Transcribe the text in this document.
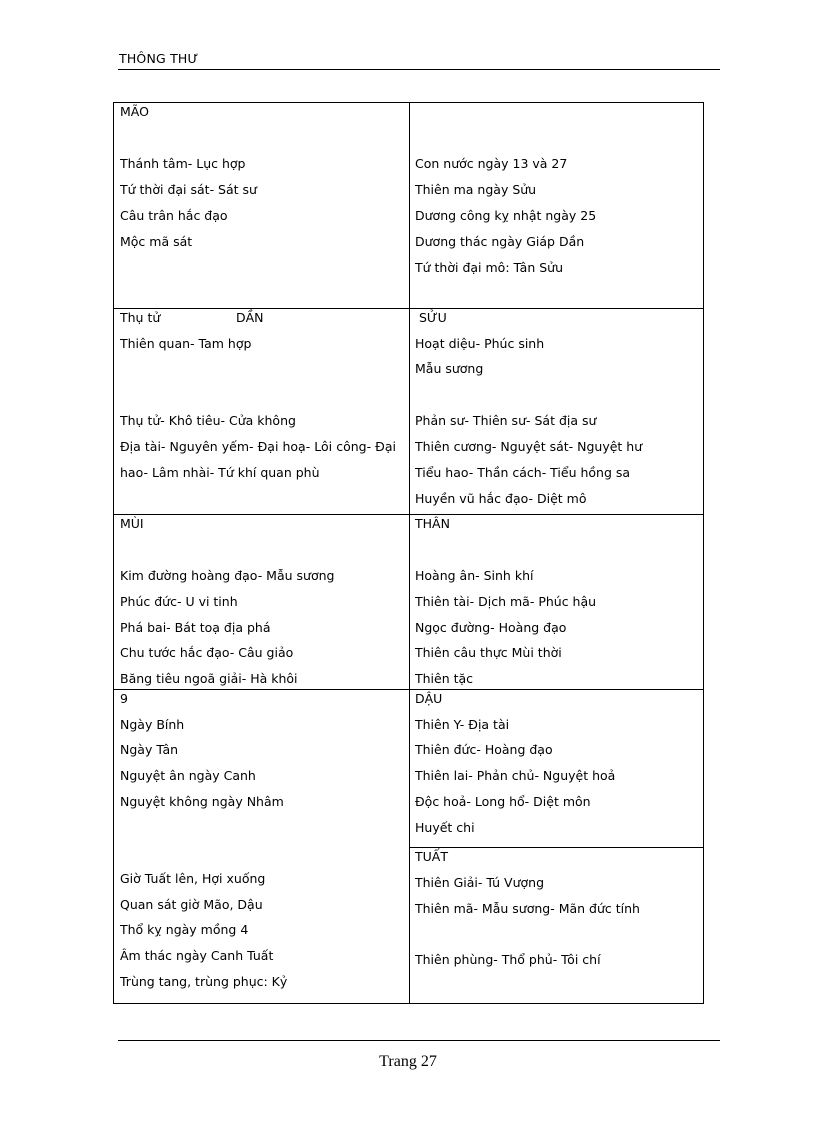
THÔNG THƯ
MÃO
Thánh tâm- Lục hợp
Tứ thời đại sát- Sát sư
Câu trân hắc đạo
Mộc mã sát
Con nước ngày 13 và 27
Thiên ma ngày Sửu
Dương công kỵ nhật ngày 25
Dương thác ngày Giáp Dần
Tứ thời đại mô: Tân Sửu
Thụ tử	DẦN
Thiên quan- Tam hợp
Thụ tử- Khô tiêu- Cửa không
Địa tài- Nguyên yếm- Đại hoạ- Lôi công- Đại
hao- Lâm nhài- Tứ khí quan phù
SỬU
Hoạt diệu- Phúc sinh
Mẫu sương
Phản sư- Thiên sư- Sát địa sư
Thiên cương- Nguyệt sát- Nguyệt hư
Tiểu hao- Thần cách- Tiểu hồng sa
Huyền vũ hắc đạo- Diệt mô
MÙI
Kim đường hoàng đạo- Mẫu sương
Phúc đức- U vi tinh
Phá bai- Bát toạ địa phá
Chu tước hắc đạo- Câu giảo
Băng tiêu ngoã giải- Hà khôi
THÂN
Hoàng ân- Sinh khí
Thiên tài- Dịch mã- Phúc hậu
Ngọc đường- Hoàng đạo
Thiên câu thực Mùi thời
Thiên tặc
9
Ngày Bính
Ngày Tân
Nguyệt ân ngày Canh
Nguyệt không ngày Nhâm
Giờ Tuất lên, Hợi xuống
Quan sát giờ Mão, Dậu
Thổ kỵ ngày mồng 4
Âm thác ngày Canh Tuất
Trùng tang, trùng phục: Kỷ
DẬU
Thiên Y- Địa tài
Thiên đức- Hoàng đạo
Thiên lai- Phản chủ- Nguyệt hoả
Độc hoả- Long hổ- Diệt môn
Huyết chi
TUẤT
Thiên Giải- Tú Vượng
Thiên mã- Mẫu sương- Mãn đức tính
Thiên phùng- Thổ phủ- Tôi chí
Trang 27
